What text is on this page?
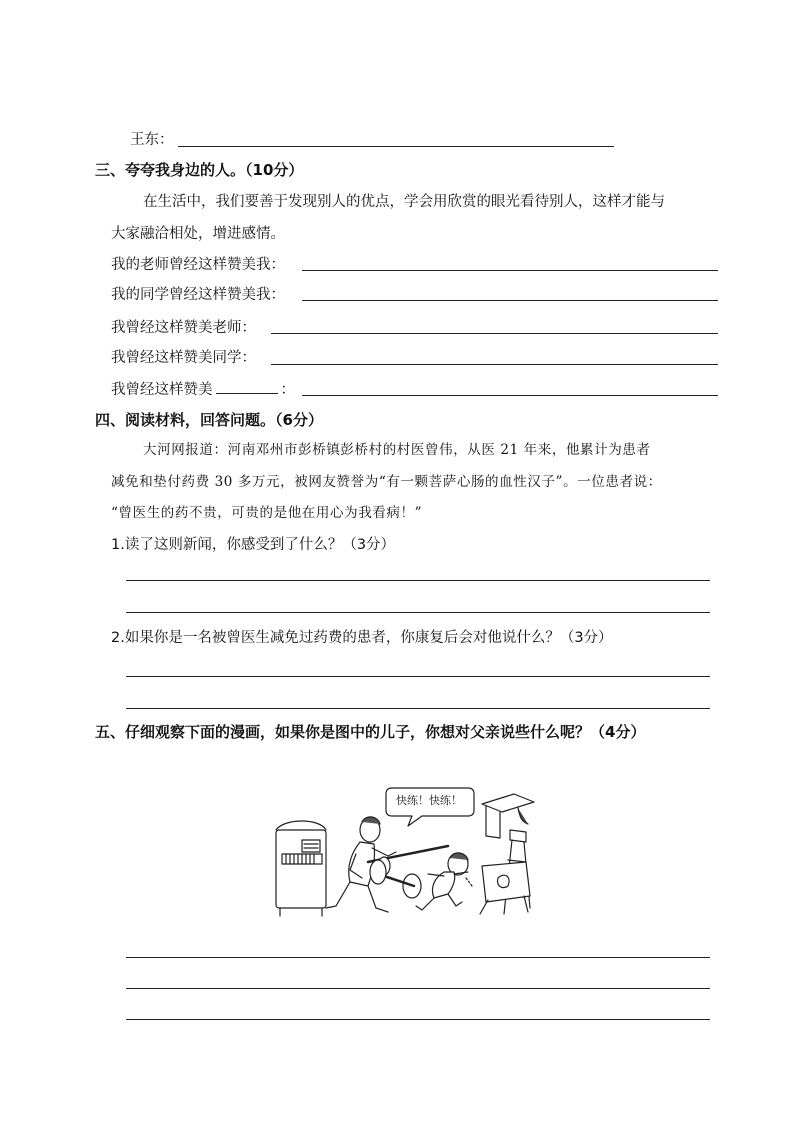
王东：
三、夸夸我身边的人。（10分）
在生活中，我们要善于发现别人的优点，学会用欣赏的眼光看待别人，这样才能与
大家融洽相处，增进感情。
我的老师曾经这样赞美我：
我的同学曾经这样赞美我：
我曾经这样赞美老师：
我曾经这样赞美同学：
我曾经这样赞美	：
四、阅读材料，回答问题。（6分）
大河网报道：河南邓州市彭桥镇彭桥村的村医曾伟，从医 21 年来，他累计为患者
减免和垫付药费 30 多万元，被网友赞誉为“有一颗菩萨心肠的血性汉子”。一位患者说：
“曾医生的药不贵，可贵的是他在用心为我看病！”
1.读了这则新闻，你感受到了什么？（3分）
2.如果你是一名被曾医生减免过药费的患者，你康复后会对他说什么？（3分）
五、仔细观察下面的漫画，如果你是图中的儿子，你想对父亲说些什么呢？（4分）
快练！快练！
